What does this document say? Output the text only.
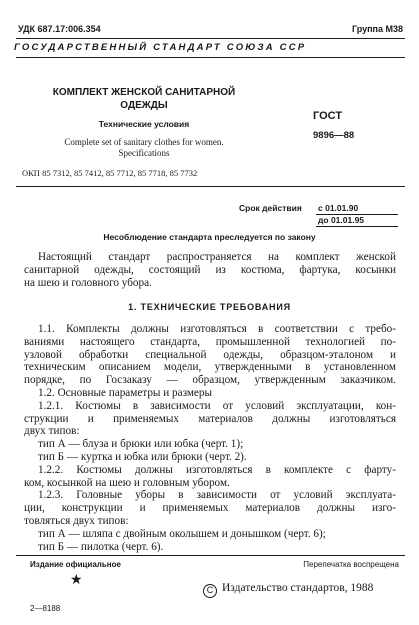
УДК 687.17:006.354	Группа М38
ГОСУДАРСТВЕННЫЙ СТАНДАРТ СОЮЗА ССР
КОМПЛЕКТ ЖЕНСКОЙ САНИТАРНОЙ
ОДЕЖДЫ
Технические условия
Complete set of sanitary clothes for women.
Specifications
ОКП 85 7312, 85 7412, 85 7712, 85 7718, 85 7732
ГОСТ
9896—88
Срок действия с 01.01.90
до 01.01.95
Несоблюдение стандарта преследуется по закону
Настоящий стандарт распространяется на комплект женской
санитарной одежды, состоящий из костюма, фартука, косынки
на шею и головного убора.
1. ТЕХНИЧЕСКИЕ ТРЕБОВАНИЯ
1.1. Комплекты должны изготовляться в соответствии с требо-
ваниями настоящего стандарта, промышленной технологией по-
узловой обработки специальной одежды, образцом-эталоном и
техническим описанием модели, утвержденными в установленном
порядке, по Госзаказу — образцом, утвержденным заказчиком.
1.2. Основные параметры и размеры
1.2.1. Костюмы в зависимости от условий эксплуатации, кон-
струкции и применяемых материалов должны изготовляться
двух типов:
тип А — блуза и брюки или юбка (черт. 1);
тип Б — куртка и юбка или брюки (черт. 2).
1.2.2. Костюмы должны изготовляться в комплекте с фарту-
ком, косынкой на шею и головным убором.
1.2.3. Головные уборы в зависимости от условий эксплуата-
ции, конструкции и применяемых материалов должны изго-
товляться двух типов:
тип А — шляпа с двойным околышем и донышком (черт. 6);
тип Б — пилотка (черт. 6).
Издание официальное	Перепечатка воспрещена
★
C Издательство стандартов, 1988
2—8188
